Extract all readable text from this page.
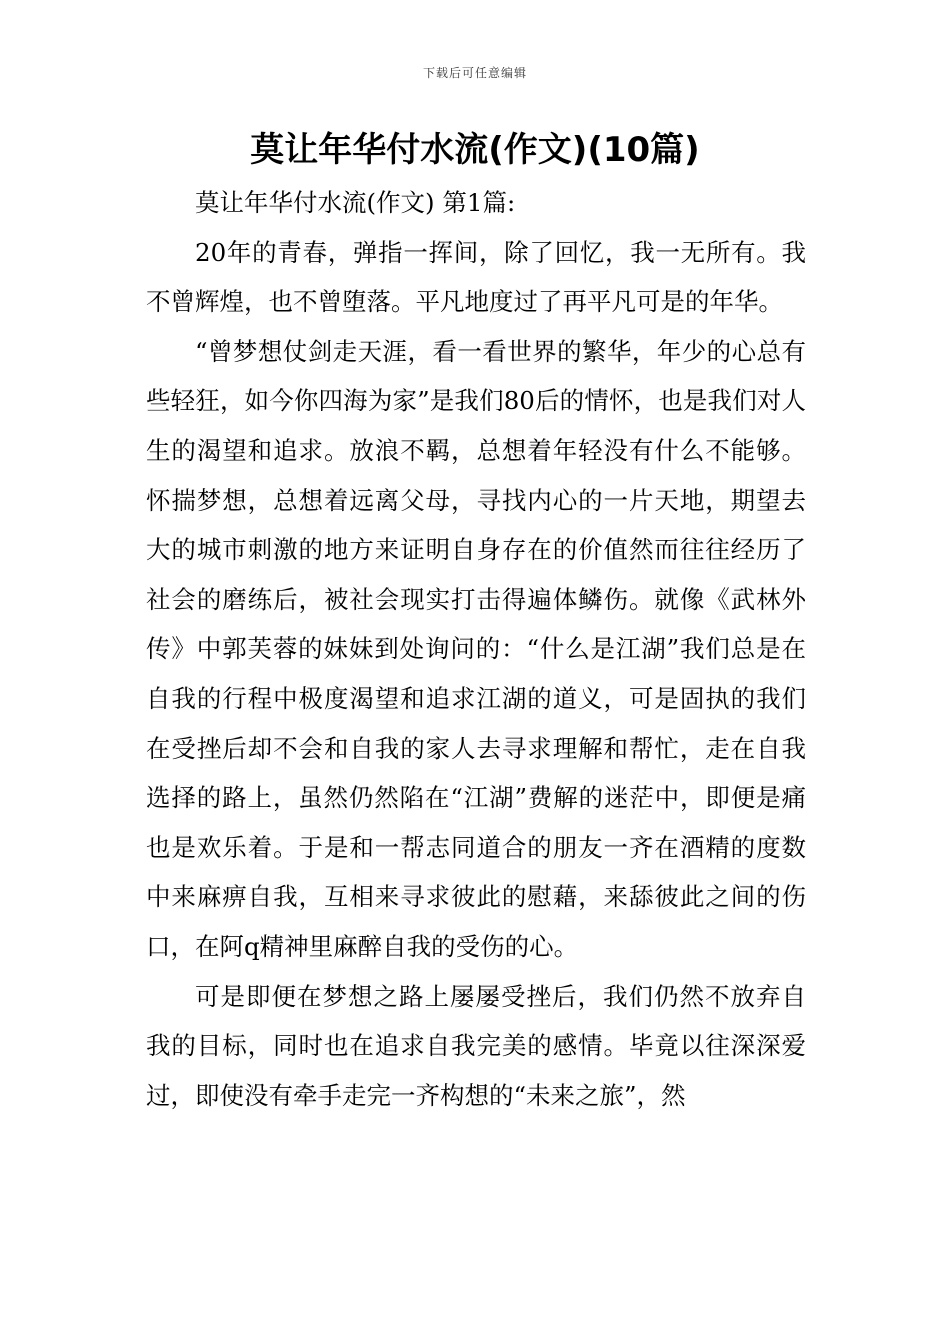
下载后可任意编辑
莫让年华付水流(作文)(10篇)

莫让年华付水流(作文) 第1篇:

20年的青春，弹指一挥间，除了回忆，我一无所有。我不曾辉煌，也不曾堕落。平凡地度过了再平凡可是的年华。

“曾梦想仗剑走天涯，看一看世界的繁华，年少的心总有些轻狂，如今你四海为家”是我们80后的情怀，也是我们对人生的渴望和追求。放浪不羁，总想着年轻没有什么不能够。怀揣梦想，总想着远离父母，寻找内心的一片天地，期望去大的城市刺激的地方来证明自身存在的价值然而往往经历了社会的磨练后，被社会现实打击得遍体鳞伤。就像《武林外传》中郭芙蓉的妹妹到处询问的：“什么是江湖”我们总是在自我的行程中极度渴望和追求江湖的道义，可是固执的我们在受挫后却不会和自我的家人去寻求理解和帮忙，走在自我选择的路上，虽然仍然陷在“江湖”费解的迷茫中，即便是痛也是欢乐着。于是和一帮志同道合的朋友一齐在酒精的度数中来麻痹自我，互相来寻求彼此的慰藉，来舔彼此之间的伤口，在阿q精神里麻醉自我的受伤的心。

可是即便在梦想之路上屡屡受挫后，我们仍然不放弃自我的目标，同时也在追求自我完美的感情。毕竟以往深深爱过，即使没有牵手走完一齐构想的“未来之旅”，然
